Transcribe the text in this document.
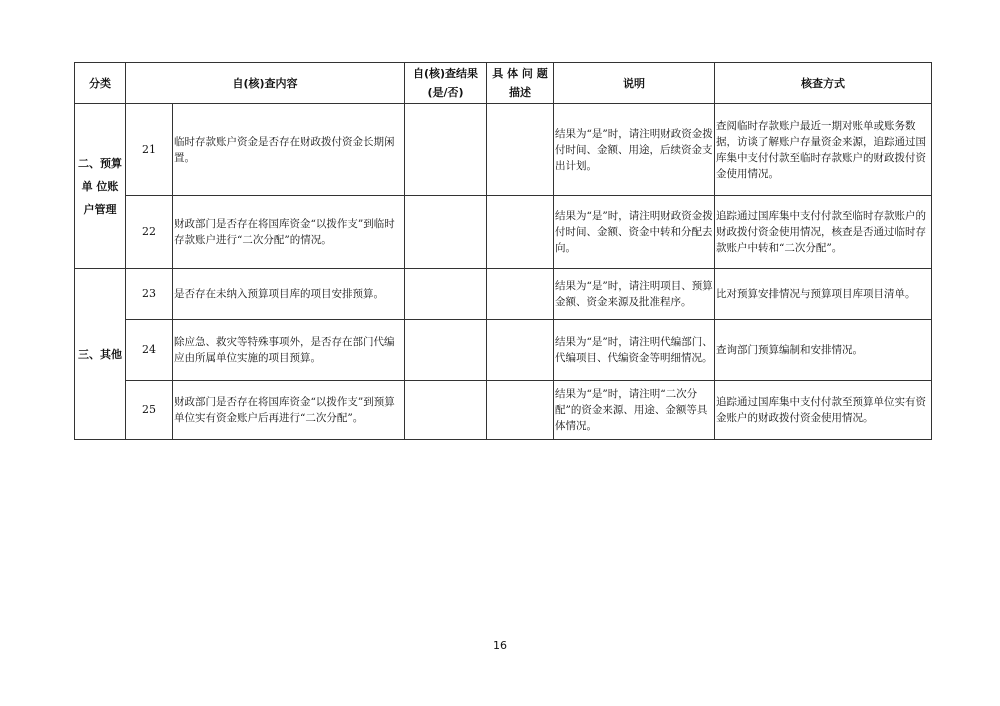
分类	自(核)查内容		自(核)查结果(是/否)	具 体 问 题描述	说明	核查方式
二、预算单 位账 户管理	21	临时存款账户资金是否存在财政拨付资金长期闲置。			结果为“是”时，请注明财政资金拨付时间、金额、用途，后续资金支出计划。	查阅临时存款账户最近一期对账单或账务数据，访谈了解账户存量资金来源，追踪通过国库集中支付付款至临时存款账户的财政拨付资金使用情况。
	22	财政部门是否存在将国库资金“以拨作支”到临时存款账户进行“二次分配”的情况。			结果为“是”时，请注明财政资金拨付时间、金额、资金中转和分配去向。	追踪通过国库集中支付付款至临时存款账户的财政拨付资金使用情况，核查是否通过临时存款账户中转和“二次分配”。
三、其他	23	是否存在未纳入预算项目库的项目安排预算。			结果为“是”时，请注明项目、预算金额、资金来源及批准程序。	比对预算安排情况与预算项目库项目清单。
	24	除应急、救灾等特殊事项外，是否存在部门代编应由所属单位实施的项目预算。			结果为“是”时，请注明代编部门、代编项目、代编资金等明细情况。	查询部门预算编制和安排情况。
	25	财政部门是否存在将国库资金“以拨作支”到预算单位实有资金账户后再进行“二次分配”。			结果为“是”时，请注明“二次分配”的资金来源、用途、金额等具体情况。	追踪通过国库集中支付付款至预算单位实有资金账户的财政拨付资金使用情况。
16
